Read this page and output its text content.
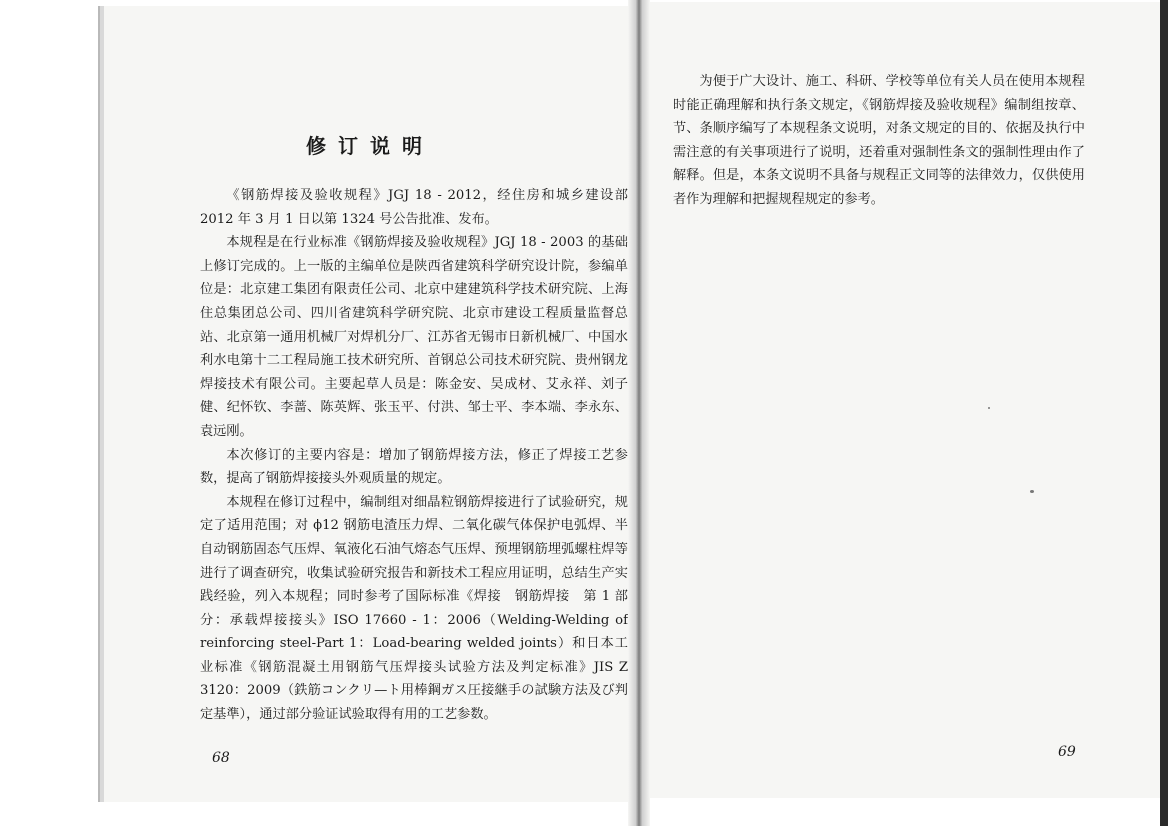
修订说明

《钢筋焊接及验收规程》JGJ 18 - 2012，经住房和城乡建设部 2012 年 3 月 1 日以第 1324 号公告批准、发布。

本规程是在行业标准《钢筋焊接及验收规程》JGJ 18 - 2003 的基础上修订完成的。上一版的主编单位是陕西省建筑科学研究设计院，参编单位是：北京建工集团有限责任公司、北京中建建筑科学技术研究院、上海住总集团总公司、四川省建筑科学研究院、北京市建设工程质量监督总站、北京第一通用机械厂对焊机分厂、江苏省无锡市日新机械厂、中国水利水电第十二工程局施工技术研究所、首钢总公司技术研究院、贵州钢龙焊接技术有限公司。主要起草人员是：陈金安、吴成材、艾永祥、刘子健、纪怀钦、李蔷、陈英辉、张玉平、付洪、邹士平、李本端、李永东、袁远刚。

本次修订的主要内容是：增加了钢筋焊接方法，修正了焊接工艺参数，提高了钢筋焊接接头外观质量的规定。

本规程在修订过程中，编制组对细晶粒钢筋焊接进行了试验研究，规定了适用范围；对 ϕ12 钢筋电渣压力焊、二氧化碳气体保护电弧焊、半自动钢筋固态气压焊、氧液化石油气熔态气压焊、预埋钢筋埋弧螺柱焊等进行了调查研究，收集试验研究报告和新技术工程应用证明，总结生产实践经验，列入本规程；同时参考了国际标准《焊接　钢筋焊接　第 1 部分：承载焊接接头》ISO 17660 - 1：2006（Welding-Welding of reinforcing steel-Part 1：Load-bearing welded joints）和日本工业标准《钢筋混凝土用钢筋气压焊接头试验方法及判定标准》JIS Z 3120：2009（鉄筋コンクリ—ト用棒鋼ガス圧接継手の試験方法及び判定基準），通过部分验证试验取得有用的工艺参数。

68

为便于广大设计、施工、科研、学校等单位有关人员在使用本规程时能正确理解和执行条文规定，《钢筋焊接及验收规程》编制组按章、节、条顺序编写了本规程条文说明，对条文规定的目的、依据及执行中需注意的有关事项进行了说明，还着重对强制性条文的强制性理由作了解释。但是，本条文说明不具备与规程正文同等的法律效力，仅供使用者作为理解和把握规程规定的参考。

69
